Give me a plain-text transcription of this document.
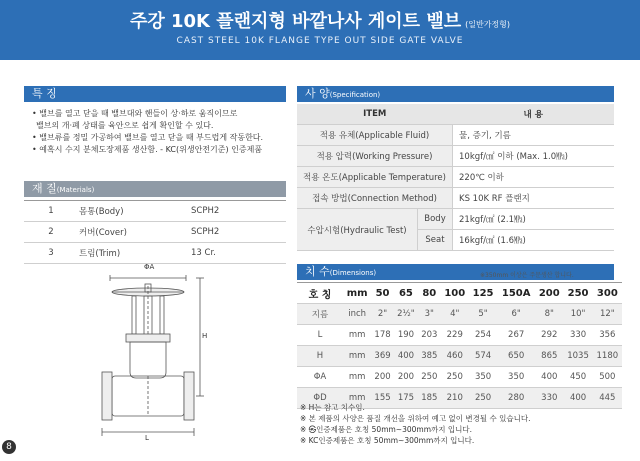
주강 10K 플랜지형 바깥나사 게이트 밸브 (일반가정형)
CAST STEEL 10K FLANGE TYPE OUT SIDE GATE VALVE
특 징
• 밸브를 열고 닫을 때 밸브대와 핸들이 상·하로 움직이므로
밸브의 개·폐 상태를 육안으로 쉽게 확인할 수 있다.
• 밸브류를 정밀 가공하여 밸브를 열고 닫을 때 부드럽게 작동한다.
• 예혹시 수지 분체도장제품 생산함. - KC(위생안전기준) 인증제품
재 질(Materials)
1	몸통(Body)	SCPH2
2	커버(Cover)	SCPH2
3	트림(Trim)	13 Cr.
ΦA
H
L
사 양(Specification)
ITEM		내 용
적용 유체(Applicable Fluid)		물, 증기, 기름
적용 압력(Working Pressure)		10kgf/㎠ 이하 (Max. 1.0㎫)
적용 온도(Applicable Temperature)		220℃ 이하
접속 방법(Connection Method)		KS 10K RF 플랜지
수압시험(Hydraulic Test)	Body	21kgf/㎠ (2.1㎫)
	Seat	16kgf/㎠ (1.6㎫)
치 수(Dimensions)	※350mm 이상은 주문생산 합니다.
호 칭	mm	50	65	80	100	125	150A	200	250	300
지름	inch	2"	2½"	3"	4"	5"	6"	8"	10"	12"
L	mm	178	190	203	229	254	267	292	330	356
H	mm	369	400	385	460	574	650	865	1035	1180
ΦA	mm	200	200	250	250	350	350	400	450	500
ΦD	mm	155	175	185	210	250	280	330	400	445
※ H는 참고 치수임.
※ 본 제품의 사양은 품질 개선을 위하여 예고 없이 변경될 수 있습니다.
※ ㉿인증제품은 호칭 50mm~300mm까지 입니다.
※ KC인증제품은 호칭 50mm~300mm까지 입니다.
8
